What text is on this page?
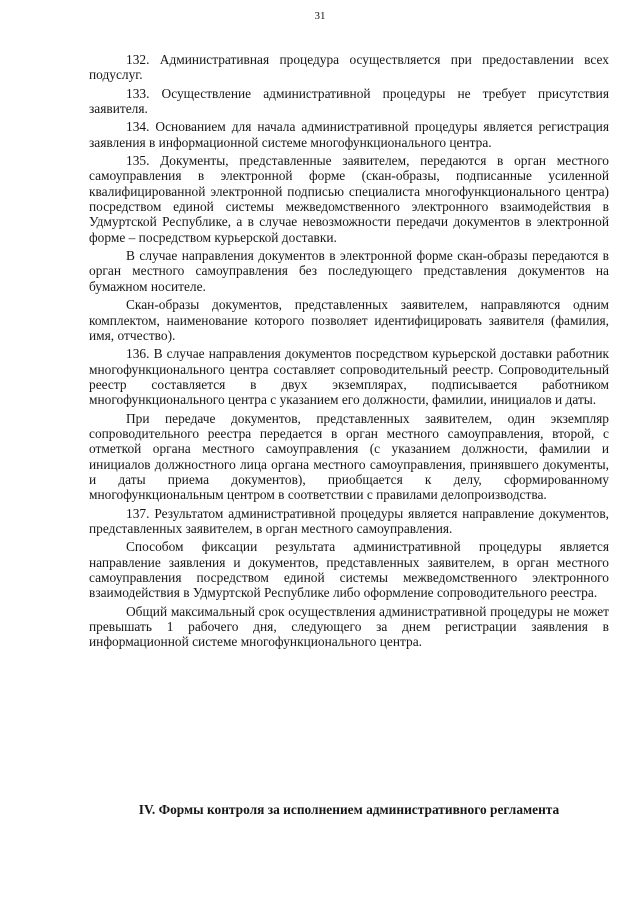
31

132. Административная процедура осуществляется при предоставлении всех подуслуг.

133. Осуществление административной процедуры не требует присутствия заявителя.

134. Основанием для начала административной процедуры является регистрация заявления в информационной системе многофункционального центра.

135. Документы, представленные заявителем, передаются в орган местного самоуправления в электронной форме (скан-образы, подписанные усиленной квалифицированной электронной подписью специалиста многофункционального центра) посредством единой системы межведомственного электронного взаимодействия в Удмуртской Республике, а в случае невозможности передачи документов в электронной форме – посредством курьерской доставки.

В случае направления документов в электронной форме скан-образы передаются в орган местного самоуправления без последующего представления документов на бумажном носителе.

Скан-образы документов, представленных заявителем, направляются одним комплектом, наименование которого позволяет идентифицировать заявителя (фамилия, имя, отчество).

136. В случае направления документов посредством курьерской доставки работник многофункционального центра составляет сопроводительный реестр. Сопроводительный реестр составляется в двух экземплярах, подписывается работником многофункционального центра с указанием его должности, фамилии, инициалов и даты.

При передаче документов, представленных заявителем, один экземпляр сопроводительного реестра передается в орган местного самоуправления, второй, с отметкой органа местного самоуправления (с указанием должности, фамилии и инициалов должностного лица органа местного самоуправления, принявшего документы, и даты приема документов), приобщается к делу, сформированному многофункциональным центром в соответствии с правилами делопроизводства.

137. Результатом административной процедуры является направление документов, представленных заявителем, в орган местного самоуправления.

Способом фиксации результата административной процедуры является направление заявления и документов, представленных заявителем, в орган местного самоуправления посредством единой системы межведомственного электронного взаимодействия в Удмуртской Республике либо оформление сопроводительного реестра.

Общий максимальный срок осуществления административной процедуры не может превышать 1 рабочего дня, следующего за днем регистрации заявления в информационной системе многофункционального центра.

IV. Формы контроля за исполнением административного регламента
